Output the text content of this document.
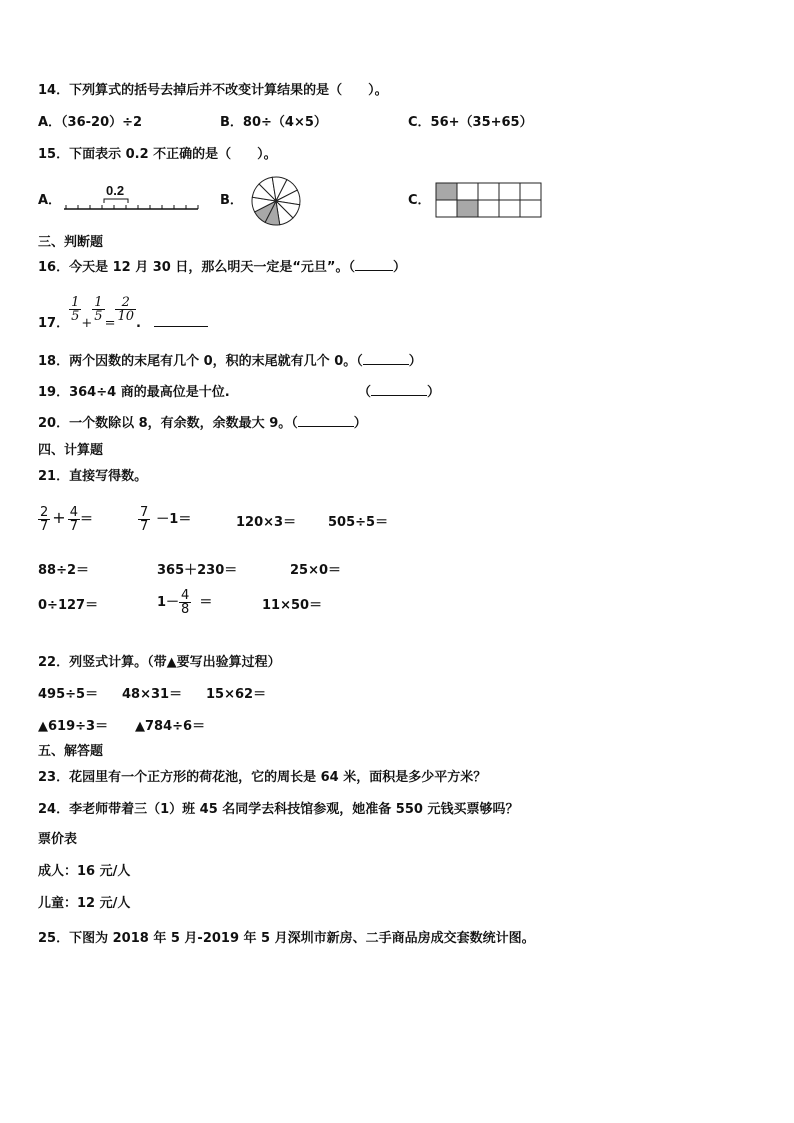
14．下列算式的括号去掉后并不改变计算结果的是（　　）。
A．（36-20）÷2	B．80÷（4×5）	C．56+（35+65）
15．下面表示 0.2 不正确的是（　　）。
A．
0.2
B．	C．
三、判断题
16．今天是 12 月 30 日，那么明天一定是“元旦”。（	）
17．
$\frac{1}{5}$
+
$\frac{1}{5}$
=
$\frac{2}{10}$
.
18．两个因数的末尾有几个 0，积的末尾就有几个 0。（	）
19．364÷4 商的最高位是十位.	（	）
20．一个数除以 8，有余数，余数最大 9。（	）
四、计算题
21．直接写得数。
$\frac{2}{7} + \frac{4}{7}$ ＝	$\frac{7}{7} -1=$	120×3＝ 505÷5＝
88÷2＝	365＋230＝	25×0＝
0÷127＝	$1- \frac{4}{8}$ ＝	11×50＝
22．列竖式计算。（带▲要写出验算过程）
495÷5＝ 48×31＝ 15×62＝
▲619÷3＝ ▲784÷6＝
五、解答题
23．花园里有一个正方形的荷花池，它的周长是 64 米，面积是多少平方米？
24．李老师带着三（1）班 45 名同学去科技馆参观，她准备 550 元钱买票够吗？
票价表
成人：16 元/人
儿童：12 元/人
25．下图为 2018 年 5 月-2019 年 5 月深圳市新房、二手商品房成交套数统计图。
